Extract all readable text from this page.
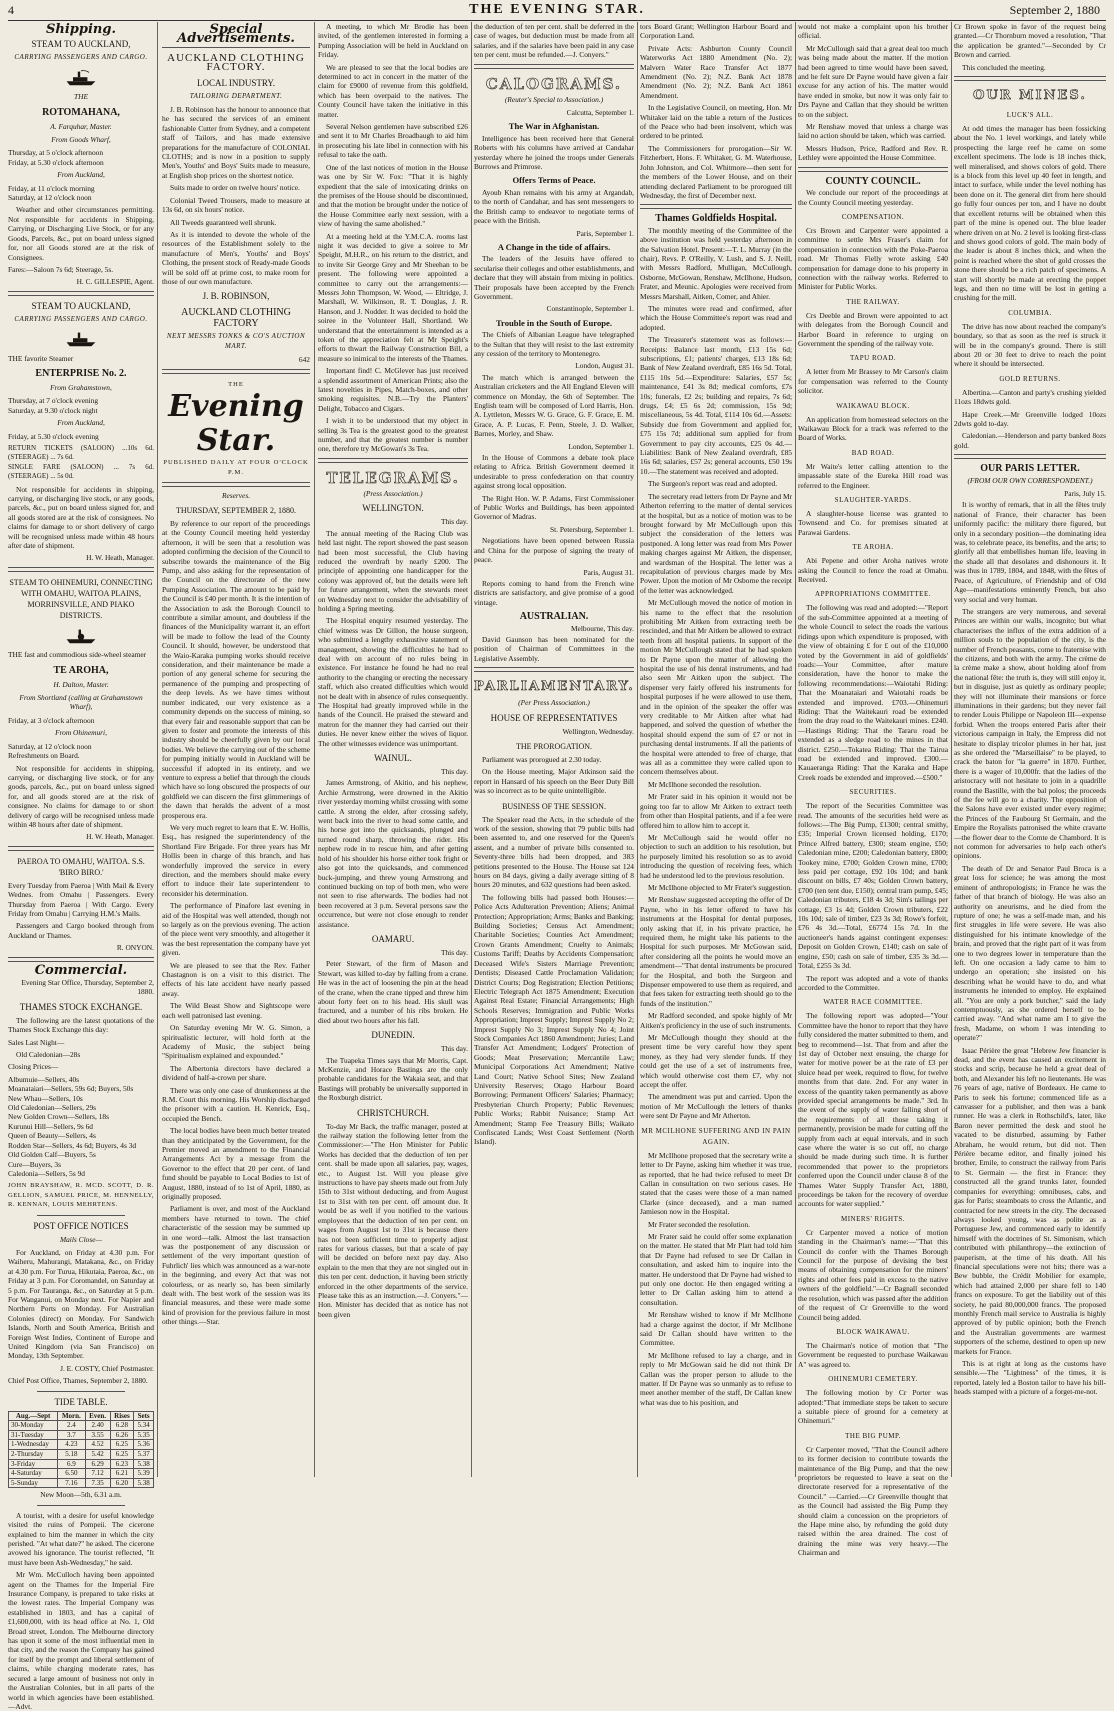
4	THE EVENING STAR.	September 2, 1880
Shipping.
STEAM TO AUCKLAND,
CARRYING PASSENGERS AND CARGO.
THE
ROTOMAHANA,
A. Farquhar, Master.
From Goods Wharf,

Thursday, at 5 o'clock afternoon
Friday, at 5.30 o'clock afternoon

From Auckland,

Friday, at 11 o'clock morning
Saturday, at 12 o'clock noon

Weather and other circumstances permitting. Not responsible for accidents in Shipping, Carrying, or Discharging Live Stock, or for any Goods, Parcels, &c., put on board unless signed for, nor all Goods stored are at the risk of Consignees.

Fares:—Saloon 7s 6d; Steerage, 5s.

H. C. GILLESPIE, Agent.

STEAM TO AUCKLAND,
CARRYING PASSENGERS AND CARGO.

THE favorite Steamer

ENTERPRISE No. 2.
From Grahamstown,

Thursday, at 7 o'clock evening
Saturday, at 9.30 o'clock night

From Auckland,

Friday, at 5.30 o'clock evening

RETURN TICKETS (SALOON) ...10s 6d. (STEERAGE) ... 7s 6d.
SINGLE FARE (SALOON) ... 7s 6d. (STEERAGE) ... 5s 0d.

Not responsible for accidents in shipping, carrying, or discharging live stock, or any goods, parcels, &c., put on board unless signed for, and all goods stored are at the risk of consignees. No claims for damage to or short delivery of cargo will be recognised unless made within 48 hours after date of shipment.

H. W. Heath, Manager.

STEAM TO OHINEMURI, CONNECTING WITH OMAHU, WAITOA PLAINS, MORRINSVILLE, AND PIAKO DISTRICTS.

THE fast and commodious side-wheel steamer

TE AROHA,
H. Dalton, Master.
From Shortland (calling at Grahamstown Wharf),

Friday, at 3 o'clock afternoon

From Ohinemuri,

Saturday, at 12 o'clock noon
Refreshments on Board.

Not responsible for accidents in shipping, carrying, or discharging live stock, or for any goods, parcels, &c., put on board unless signed for, and all goods stored are at the risk of consignee. No claims for damage to or short delivery of cargo will be recognised unless made within 48 hours after date of shipment.

H. W. Heath, Manager.

PAEROA TO OMAHU, WAITOA. S.S. 'BIRO BIRO.'

Every Tuesday from Paeroa | With Mail & Every Wednes. from Omahu | Passengers. Every Thursday from Paeroa | With Cargo. Every Friday from Omahu | Carrying H.M.'s Mails.

Passengers and Cargo booked through from Auckland or Thames.

R. ONYON.

Commercial.

Evening Star Office, Thursday, September 2, 1880.

THAMES STOCK EXCHANGE.

The following are the latest quotations of the Thames Stock Exchange this day:

Sales Last Night—

Old Caledonian—28s

Closing Prices—

Albumuie—Sellers, 40s
Moanataiari—Sellers, 59s 6d; Buyers, 50s
New Whau—Sellers, 10s
Old Caledonian—Sellers, 29s
New Golden Crown—Sellers, 18s
Kurunui Hill—Sellers, 9s 6d
Queen of Beauty—Sellers, 4s
Rodden Star—Sellers, 4s 6d; Buyers, 4s 3d
Old Golden Calf—Buyers, 5s
Cure—Buyers, 3s
Caledonia—Sellers, 5s 9d

JOHN BRAYSHAW, R. MCD. SCOTT, D. R. GELLION, SAMUEL PRICE, M. HENNELLY, R. KENNAN, LOUIS MEHRTENS.

POST OFFICE NOTICES
Mails Close—

For Auckland, on Friday at 4.30 p.m. For Waiheru, Mahurangi, Matakana, &c., on Friday at 4.30 p.m. For Turua, Hikutaia, Paeroa, &c., on Friday at 3 p.m. For Coromandel, on Saturday at 5 p.m. For Tauranga, &c., on Saturday at 5 p.m. For Wanganui, on Monday next. For Napier and Northern Ports on Monday. For Australian Colonies (direct) on Monday. For Sandwich Islands, North and South America, British and Foreign West Indies, Continent of Europe and United Kingdom (via San Francisco) on Monday, 13th September.

J. E. COSTY, Chief Postmaster.

Chief Post Office, Thames, September 2, 1880.

TIDE TABLE.
Aug.—Sept	Morn.	Even.	Rises	Sets
30-Monday	2.4	2.40	6.28	5.34
31-Tuesday	3.7	3.55	6.26	5.35
1-Wednesday	4.23	4.52	6.25	5.36
2-Thursday	5.18	5.42	6.25	5.37
3-Friday	6.9	6.29	6.23	5.38
4-Saturday	6.50	7.12	6.21	5.39
5-Sunday	7.16	7.35	6.20	5.38

New Moon—5th, 6.31 a.m.

A tourist, with a desire for useful knowledge visited the ruins of Pompeii. The cicerone explained to him the manner in which the city perished. "At what date?" he asked. The cicerone avowed his ignorance. The tourist reflected, "It must have been Ash-Wednesday," he said.

Mr Wm. McCulloch having been appointed agent on the Thames for the Imperial Fire Insurance Company, is prepared to take risks at the lowest rates. The Imperial Company was established in 1803, and has a capital of £1,600,000, with its head office at No. 1, Old Broad street, London. The Melbourne directory has upon it some of the most influential men in that city, and the reason the Company has gained for itself by the prompt and liberal settlement of claims, while charging moderate rates, has secured a large amount of business not only in the Australian Colonies, but in all parts of the world in which agencies have been established.—Advt.

Special Advertisements.
AUCKLAND CLOTHING FACTORY.
LOCAL INDUSTRY.
TAILORING DEPARTMENT.

J. B. Robinson has the honour to announce that he has secured the services of an eminent fashionable Cutter from Sydney, and a competent staff of Tailors, and has made extensive preparations for the manufacture of COLONIAL CLOTHS; and is now in a position to supply Men's, Youths' and Boys' Suits made to measure, at English shop prices on the shortest notice.

Suits made to order on twelve hours' notice.

Colonial Tweed Trousers, made to measure at 13s 6d, on six hours' notice.

All Tweeds guaranteed well shrunk.

As it is intended to devote the whole of the resources of the Establishment solely to the manufacture of Men's, Youths' and Boys' Clothing, the present stock of Ready-made Goods will be sold off at prime cost, to make room for those of our own manufacture.

J. B. ROBINSON,
AUCKLAND CLOTHING FACTORY
NEXT MESSRS TONKS & CO'S AUCTION MART.

642

THE
Evening Star.
PUBLISHED DAILY AT FOUR O'CLOCK P.M.
Reserves.
THURSDAY, SEPTEMBER 2, 1880.

By reference to our report of the proceedings at the County Council meeting held yesterday afternoon, it will be seen that a resolution was adopted confirming the decision of the Council to subscribe towards the maintenance of the Big Pump, and also asking for the representation of the Council on the directorate of the new Pumping Association. The amount to be paid by the Council is £40 per month. It is the intention of the Association to ask the Borough Council to contribute a similar amount, and doubtless if the finances of the Municipality warrant it, an effort will be made to follow the lead of the County Council. It should, however, be understood that the Waio-Karaka pumping works should receive consideration, and their maintenance be made a portion of any general scheme for securing the permanence of the pumping and prospecting of the deep levels. As we have times without number indicated, our very existence as a community depends on the success of mining, so that every fair and reasonable support that can be given to foster and promote the interests of this industry should be cheerfully given by our local bodies. We believe the carrying out of the scheme for pumping initially would in Auckland will be successful if adopted in its entirety, and we venture to express a belief that through the clouds which have so long obscured the prospects of our goldfield we can discern the first glimmerings of the dawn that heralds the advent of a most prosperous era.

We very much regret to learn that E. W. Hollis, Esq., has resigned the superintendency of the Shortland Fire Brigade. For three years has Mr Hollis been in charge of this branch, and has wonderfully improved the service in every direction, and the members should make every effort to induce their late superintendent to reconsider his determination.

The performance of Pinafore last evening in aid of the Hospital was well attended, though not so largely as on the previous evening. The action of the piece went very smoothly, and altogether it was the best representation the company have yet given.

We are pleased to see that the Rev. Father Chastagnon is on a visit to this district. The effects of his late accident have nearly passed away.

The Wild Beast Show and Sightscope were each well patronised last evening.

On Saturday evening Mr W. G. Simon, a spiritualistic lecturer, will hold forth at the Academy of Music, the subject being "Spiritualism explained and expounded."

The Albertonia directors have declared a dividend of half-a-crown per share.

There was only one case of drunkenness at the R.M. Court this morning. His Worship discharged the prisoner with a caution. H. Kenrick, Esq., occupied the Bench.

The local bodies have been much better treated than they anticipated by the Government, for the Premier moved an amendment to the Financial Arrangements Act by a message from the Governor to the effect that 20 per cent. of land fund should be payable to Local Bodies to 1st of August, 1880, instead of to 1st of April, 1880, as originally proposed.

Parliament is over, and most of the Auckland members have returned to town. The chief characteristic of the session may be summed up in one word—talk. Almost the last transaction was the postponement of any discussion or settlement of the very important question of Fuhrlich' lies which was announced as a war-note in the beginning, and every Act that was not colourless, or as nearly so, has been similarly dealt with. The best work of the session was its financial measures, and these were made some kind of provision for the previous failure in most other things.—Star.

A meeting, to which Mr Brodie has been invited, of the gentlemen interested in forming a Pumping Association will be held in Auckland on Friday.

We are pleased to see that the local bodies are determined to act in concert in the matter of the claim for £9000 of revenue from this goldfield, which has been overpaid to the natives. The County Council have taken the initiative in this matter.

Several Nelson gentlemen have subscribed £26 and sent it to Mr Charles Broadbaugh to aid him in prosecuting his late libel in connection with his refusal to take the oath.

One of the last notices of motion in the House was one by Sir W. Fox: "That it is highly expedient that the sale of intoxicating drinks on the premises of the House should be discontinued, and that the motion be brought under the notice of the House Committee early next session, with a view of having the same abolished."

At a meeting held at the Y.M.C.A. rooms last night it was decided to give a soiree to Mr Speight, M.H.R., on his return to the district, and to invite Sir George Grey and Mr Sheehan to be present. The following were appointed a committee to carry out the arrangements:—Messrs John Thompson, W. Wood, — Eltridge, J. Marshall, W. Wilkinson, R. T. Douglas, J. R. Hanson, and J. Nodder. It was decided to hold the soiree in the Volunteer Hall, Shortland. We understand that the entertainment is intended as a token of the appreciation felt at Mr Speight's efforts to thwart the Railway Construction Bill, a measure so inimical to the interests of the Thames.

Important find! C. McGlever has just received a splendid assortment of American Prints; also the latest novelties in Pipes, Match-boxes, and other smoking requisites. N.B.—Try the Planters' Delight, Tobacco and Cigars.

I wish it to be understood that my object in selling 3s Tea is the greatest good to the greatest number, and that the greatest number is number one, therefore try McGowan's 3s Tea.

TELEGRAMS.
(Press Association.)
WELLINGTON.
This day.

The annual meeting of the Racing Club was held last night. The report showed the past season had been most successful, the Club having reduced the overdraft by nearly £200. The principle of appointing one handicapper for the colony was approved of, but the details were left for future arrangement, when the stewards meet on Wednesday next to consider the advisability of holding a Spring meeting.

The Hospital enquiry resumed yesterday. The chief witness was Dr Gillon, the house surgeon, who submitted a lengthy exhaustive statement of management, showing the difficulties he had to deal with on account of no rules being in existence. For instance he found he had no real authority to the changing or erecting the necessary staff, which also created difficulties which would not be dealt with in absence of rules consequently. The Hospital had greatly improved while in the hands of the Council. He praised the steward and matron for the manner they had carried out their duties. He never knew either the wives of liquor. The other witnesses evidence was unimportant.

WAINUL.
This day.

James Armstrong, of Akitio, and his nephew, Archie Armstrong, were drowned in the Akitio river yesterday morning whilst crossing with some cattle. A strong the elder, after crossing safely, went back into the river to head some cattle, and his horse got into the quicksands, plunged and turned round sharp, throwing the rider. His nephew rode in to rescue him, and after getting hold of his shoulder his horse either took fright or also got into the quicksands, and commenced buck-jumping, and threw young Armstrong and continued bucking on top of both men, who were not seen to rise afterwards. The bodies had not been recovered at 3 p.m. Several persons saw the occurrence, but were not close enough to render assistance.

OAMARU.
This day.

Peter Stewart, of the firm of Mason and Stewart, was killed to-day by falling from a crane. He was in the act of loosening the pin at the head of the crane, when the crane tipped and threw him about forty feet on to his head. His skull was fractured, and a number of his ribs broken. He died about two hours after his fall.

DUNEDIN.
This day.

The Tuapeka Times says that Mr Morris, Capt. McKenzie, and Horace Bastings are the only probable candidates for the Wakaia seat, and that Bastings will probably be universally supported in the Roxburgh district.

CHRISTCHURCH.

To-day Mr Back, the traffic manager, posted at the railway station the following letter from the Commissioner:—"The Hon Minister for Public Works has decided that the deduction of ten per cent. shall be made upon all salaries, pay, wages, etc., to August 1st. Will you please give instructions to have pay sheets made out from July 15th to 31st without deducting, and from August 1st to 31st with ten per cent. off amount due. It would be as well if you notified to the various employees that the deduction of ten per cent. on wages from August 1st to 31st is because there has not been sufficient time to properly adjust rates for various classes, but that a scale of pay will be decided on before next pay day. Also explain to the men that they are not singled out in this ten per cent. deduction, it having been strictly enforced in the other departments of the service. Please take this as an instruction.—J. Conyers."—Hon. Minister has decided that as notice has not been given

the deduction of ten per cent. shall be deferred in the case of wages, but deduction must be made from all salaries, and if the salaries have been paid in any case ten per cent. must be refunded.—J. Conyers."

CALOGRAMS.
(Reuter's Special to Association.)
Calcutta, September 1.
The War in Afghanistan.

Intelligence has been received here that General Roberts with his columns have arrived at Candahar yesterday where he joined the troops under Generals Burrows and Primrose.

Offers Terms of Peace.

Ayoub Khan remains with his army at Argandab, to the north of Candahar, and has sent messengers to the British camp to endeavor to negotiate terms of peace with the British.

Paris, September 1.
A Change in the tide of affairs.

The leaders of the Jesuits have offered to secularise their colleges and other establishments, and declare that they will abstain from mixing in politics. Their proposals have been accepted by the French Government.

Constantinople, September 1.
Trouble in the South of Europe.

The Chiefs of Albanian League have telegraphed to the Sultan that they will resist to the last extremity any cession of the territory to Montenegro.

London, August 31.

The match which is arranged between the Australian cricketers and the All England Eleven will commence on Monday, the 6th of September. The English team will be composed of Lord Harris, Hon. A. Lyttleton, Messrs W. G. Grace, G. F. Grace, E. M. Grace, A. P. Lucas, F. Penn, Steele, J. D. Walker, Barnes, Morley, and Shaw.

London, September 1.

In the House of Commons a debate took place relating to Africa. British Government deemed it undesirable to press confederation on that country against strong local opposition.

The Right Hon. W. P. Adams, First Commissioner of Public Works and Buildings, has been appointed Governor of Madras.

St. Petersburg, September 1.

Negotiations have been opened between Russia and China for the purpose of signing the treaty of peace.

Paris, August 31.

Reports coming to hand from the French wine districts are satisfactory, and give promise of a good vintage.

AUSTRALIAN.
Melbourne, This day.

David Gaunson has been nominated for the position of Chairman of Committees in the Legislative Assembly.

PARLIAMENTARY.
(Per Press Association.)
HOUSE OF REPRESENTATIVES
Wellington, Wednesday.
THE PROROGATION.

Parliament was prorogued at 2.30 today.

On the House meeting, Major Atkinson said the report in Hansard of his speech on the Beer Duty Bill was so incorrect as to be quite unintelligible.

BUSINESS OF THE SESSION.

The Speaker read the Acts, in the schedule of the work of the session, showing that 79 public bills had been assented to, and one reserved for the Queen's assent, and a number of private bills consented to. Seventy-three bills had been dropped, and 383 petitions presented to the House. The House sat 124 hours on 84 days, giving a daily average sitting of 8 hours 20 minutes, and 632 questions had been asked.

The following bills had passed both Houses:—Police Acts Adulteration Prevention; Aliens; Animal Protection; Appropriation; Arms; Banks and Banking; Building Societies; Census Act Amendment; Charitable Societies; Counties Act Amendment; Crown Grants Amendment; Cruelty to Animals; Customs Tariff; Deaths by Accidents Compensation; Deceased Wife's Sisters Marriage Prevention; Dentists; Diseased Cattle Proclamation Validation; District Courts; Dog Registration; Election Petitions; Electric Telegraph Act 1875 Amendment; Execution Against Real Estate; Financial Arrangements; High Schools Reserves; Immigration and Public Works Appropriation; Imprest Supply; Imprest Supply No 2; Imprest Supply No 3; Imprest Supply No 4; Joint Stock Companies Act 1860 Amendment; Juries; Land Transfer Act Amendment; Lodgers' Protection of Goods; Meat Preservation; Mercantile Law; Municipal Corporations Act Amendment; Native Land Court; Native School Sites; New Zealand University Reserves; Otago Harbour Board Borrowing; Permanent Officers' Salaries; Pharmacy; Presbyterian Church Property; Public Revenues; Public Works; Rabbit Nuisance; Stamp Act Amendment; Stamp Fee Treasury Bills; Waikato Confiscated Lands; West Coast Settlement (North Island).

tors Board Grant; Wellington Harbour Board and Corporation Land.

Private Acts: Ashburton County Council Waterworks Act 1880 Amendment (No. 2); Malvern Water Race Transfer Act 1877 Amendment (No. 2); N.Z. Bank Act 1878 Amendment (No. 2); N.Z. Bank Act 1861 Amendment.

In the Legislative Council, on meeting, Hon. Mr Whitaker laid on the table a return of the Justices of the Peace who had been insolvent, which was ordered to be printed.

The Commissioners for prorogation—Sir W. Fitzherbert, Hons. F. Whitaker, G. M. Waterhouse, John Johnston, and Col. Whitmore—then sent for the members of the Lower House, and on their attending declared Parliament to be prorogued till Wednesday, the first of December next.

Thames Goldfields Hospital.

The monthly meeting of the Committee of the above institution was held yesterday afternoon in the Salvation Hotel. Present:—T. L. Murray (in the chair), Revs. P. O'Reilly, V. Lush, and S. J. Neill, with Messrs Radford, Mulligan, McCullough, Osborne, McGowan, Renshaw, McIlhone, Hudson, Frater, and Meunic. Apologies were received from Messrs Marshall, Aitken, Comer, and Ahier.

The minutes were read and confirmed, after which the House Committee's report was read and adopted.

The Treasurer's statement was as follows:—Receipts: Balance last month, £13 15s 6d; subscriptions, £1; patients' charges, £13 18s 6d; Bank of New Zealand overdraft, £85 16s 5d. Total, £115 10s 5d.—Expenditure: Salaries, £57 5s; maintenance, £41 3s 8d; medical comforts, £7s 10s; funerals, £2 2s; building and repairs, 7s 6d; drugs, £4; £5 6s 2d; commission, 15s 9d; miscellaneous, 5s 4d. Total, £114 10s 6d.—Assets: Subsidy due from Government and applied for, £75 15s 7d; additional sum applied for from Government to pay city accounts, £25 0s 4d.—Liabilities: Bank of New Zealand overdraft, £85 16s 6d; salaries, £57 2s; general accounts, £50 19s 10.—The statement was received and adopted.

The Surgeon's report was read and adopted.

The secretary read letters from Dr Payne and Mr Atherton referring to the matter of dental services at the hospital, but as a notice of motion was to be brought forward by Mr McCullough upon this subject the consideration of the letters was postponed. A long letter was read from Mrs Power making charges against Mr Aitken, the dispenser, and wardsman of the Hospital. The letter was a recapitulation of previous charges made by Mrs Power. Upon the motion of Mr Osborne the receipt of the letter was acknowledged.

Mr McCullough moved the notice of motion in his name to the effect that the resolution prohibiting Mr Aitken from extracting teeth be rescinded, and that Mr Aitken be allowed to extract teeth from all hospital patients. In support of the motion Mr McCullough stated that he had spoken to Dr Payne upon the matter of allowing the hospital the use of his dental instruments, and had also seen Mr Aitken upon the subject. The dispenser very fairly offered his instruments for hospital purposes if he were allowed to use them, and in the opinion of the speaker the offer was very creditable to Mr Aitken after what had happened, and solved the question of whether the hospital should expend the sum of £7 or not in purchasing dental instruments. If all the patients of the hospital were attended to free of charge, that was all as a committee they were called upon to concern themselves about.

Mr McIlhone seconded the resolution.

Mr Frater said in his opinion it would not be going too far to allow Mr Aitken to extract teeth from other than Hospital patients, and if a fee were offered him to allow him to accept it.

Mr McCullough said he would offer no objection to such an addition to his resolution, but he purposely limited his resolution so as to avoid introducing the question of receiving fees, which had he understood led to the previous resolution.

Mr McIlhone objected to Mr Frater's suggestion.

Mr Renshaw suggested accepting the offer of Dr Payne, who in his letter offered to have his instruments at the Hospital for dental purposes, only asking that if, in his private practice, he required them, he might take his patients to the Hospital for such purposes. Mr McGowan said, after considering all the points he would move an amendment—"That dental instruments be procured for the Hospital, and both the Surgeon and Dispenser empowered to use them as required, and that fees taken for extracting teeth should go to the funds of the institution."

Mr Radford seconded, and spoke highly of Mr Aitken's proficiency in the use of such instruments.

Mr McCullough thought they should at the present time be very careful how they spent money, as they had very slender funds. If they could get the use of a set of instruments free, which would otherwise cost them £7, why not accept the offer.

The amendment was put and carried. Upon the motion of Mr McCullough the letters of thanks were sent Dr Payne and Mr Atherton.

MR MCILHONE SUFFERING AND IN PAIN AGAIN.

Mr McIlhone proposed that the secretary write a letter to Dr Payne, asking him whether it was true, as reported, that he had twice refused to meet Dr Callan in consultation on two serious cases. He stated that the cases were those of a man named Clarke (since deceased), and a man named Jamieson now in the Hospital.

Mr Frater seconded the resolution.

Mr Frater said he could offer some explanation on the matter. He stated that Mr Platt had told him that Dr Payne had refused to see Dr Callan in consultation, and asked him to inquire into the matter. He understood that Dr Payne had wished to put only one doctor. He then engaged writing a letter to Dr Callan asking him to attend a consultation.

Mr Renshaw wished to know if Mr McIlhone had a charge against the doctor, if Mr McIlhone said Dr Callan should have written to the Committee.

Mr McIlhone refused to lay a charge, and in reply to Mr McGowan said he did not think Dr Callan was the proper person to allude to the matter. If Dr Payne was so unmanly as to refuse to meet another member of the staff, Dr Callan knew what was due to his position, and

would not make a complaint upon his brother official.

Mr McCullough said that a great deal too much was being made about the matter. If the motion had been agreed to time would have been saved, and he felt sure Dr Payne would have given a fair excuse for any action of his. The matter would have ended in smoke, but now it was only fair to Drs Payne and Callan that they should be written to on the subject.

Mr Renshaw moved that unless a charge was laid no action should be taken, which was carried.

Messrs Hudson, Price, Radford and Rev. R. Lethley were appointed the House Committee.

COUNTY COUNCIL.

We conclude our report of the proceedings at the County Council meeting yesterday.

COMPENSATION.

Crs Brown and Carpenter were appointed a committee to settle Mrs Fraser's claim for compensation in connection with the Poke-Paeroa road. Mr Thomas Fielly wrote asking £40 compensation for damage done to his property in connection with the railway works. Referred to Minister for Public Works.

THE RAILWAY.

Crs Deeble and Brown were appointed to act with delegates from the Borough Council and Harbor Board in reference to urging on Government the spending of the railway vote.

TAPU ROAD.

A letter from Mr Brassey to Mr Carson's claim for compensation was referred to the County solicitor.

WAIKAWAU BLOCK.

An application from homestead selectors on the Waikawau Block for a track was referred to the Board of Works.

BAD ROAD.

Mr Waite's letter calling attention to the impassable state of the Eureka Hill road was referred to the Engineer.

SLAUGHTER-YARDS.

A slaughter-house license was granted to Townsend and Co. for premises situated at Parawai Gardens.

TE AROHA.

Abi Pepene and other Aroha natives wrote asking the Council to fence the road at Omahu. Received.

APPROPRIATIONS COMMITTEE.

The following was read and adopted:—"Report of the sub-Committee appointed at a meeting of the whole Council to select the roads the various ridings upon which expenditure is proposed, with the view of obtaining £ for £ out of the £10,000 voted by the Government in aid of goldfields' roads:—Your Committee, after mature consideration, have the honor to make the following recommendations:—Waiotahi Riding: That the Moanataiari and Waiotahi roads be extended and improved. £703.—Ohinemuri Riding: That the Waitekauri road be extended from the dray road to the Waitekauri mines. £240.—Hastings Riding: That the Tararu road be extended as a sledge road to the mines in that district. £250.—Tokatea Riding: That the Tairua road be extended and improved. £300.—Kauaeranga Riding: That the Karaka and Hape Creek roads be extended and improved.—£500."

SECURITIES.

The report of the Securities Committee was read. The amounts of the securities held were as follows:—The Big Pump, £1300; central smithy, £35; Imperial Crown licensed holding, £170; Prince Alfred battery, £300; steam engine, £50; Caledonian mine, £200; Caledonian battery, £800; Tookey mine, £700; Golden Crown mine, £700; less paid per cottage, £92 10s 10d; and bank discount on bills, £7 40s; Golden Crown battery, £700 (ten tent due, £150); central tram pump, £45; Caledonian tributers, £18 4s 3d; Sim's tailings per cottage, £3 1s 4d; Golden Crown tributers, £22 10s 10d; sale of timber, £23 3s 3d; Rowe's forfeit, £76 4s 3d.—Total, £6774 15s 7d. In the auctioneer's hands against contingent expenses: Deposit on Golden Crown, £140; cash on sale of engine, £50; cash on sale of timber, £35 3s 3d.—Total, £255 3s 3d.

The report was adopted and a vote of thanks accorded to the Committee.

WATER RACE COMMITTEE.

The following report was adopted—"Your Committee have the honor to report that they have fully considered the matter submitted to them, and beg to recommend—1st. That from and after the 1st day of October next ensuing, the charge for water for motive power be at the rate of £3 per sluice head per week, required to flow, for twelve months from that date. 2nd. For any water in excess of the quantity taken permanently as above provided special arrangements be made." 3rd. In the event of the supply of water falling short of the requirements of all those taking it permanently, provision be made for cutting off the supply from each at equal intervals, and in such case where the water is so cut off, no charge should be made during such time. It is further recommended that power to the proprietors conferred upon the Council under clause 8 of the Thames Water Supply Transfer Act, 1880, proceedings be taken for the recovery of overdue accounts for water supplied."

MINERS' RIGHTS.

Cr Carpenter moved a notice of motion standing in the Chairman's name:—"That this Council do confer with the Thames Borough Council for the purpose of devising the best means of obtaining compensation for the miners' rights and other fees paid in excess to the native owners of the goldfield."—Cr Bagnall seconded the resolution, which was passed after the addition of the request of Cr Greenville to the word Council being added.

BLOCK WAIKAWAU.

The Chairman's notice of motion that "The Government be requested to purchase Waikawau A" was agreed to.

OHINEMURI CEMETERY.

The following motion by Cr Porter was adopted:"That immediate steps be taken to secure a suitable piece of ground for a cemetery at Ohinemuri."

THE BIG PUMP.

Cr Carpenter moved, "That the Council adhere to its former decision to contribute towards the maintenance of the Big Pump, and that the new proprietors be requested to leave a seat on the directorate reserved for a representative of the Council." —Carried.—Cr Greenville thought that as the Council had assisted the Big Pump they should claim a concession on the proprietors of the Hape mine also, by refunding the gold duty raised within the area drained. The cost of draining the mine was very heavy.—The Chairman and

Cr Brown spoke in favor of the request being granted.—Cr Thornburn moved a resolution, "That the application be granted."—Seconded by Cr Brown and carried.

This concluded the meeting.

OUR MINES.
LUCK'S ALL.

At odd times the manager has been fossicking about the No. 1 level workings, and lately while prospecting the large reef he came on some excellent specimens. The lode is 18 inches thick, well mineralised, and shows colors of gold. There is a block from this level up 40 feet in length, and intact to surface, while under the level nothing has been done on it. The general dirt from here should go fully four ounces per ton, and I have no doubt that excellent returns will be obtained when this part of the mine is opened out. The blue leader where driven on at No. 2 level is looking first-class and shows good colors of gold. The main body of the leader is about 8 inches thick, and when the point is reached where the shot of gold crosses the stone there should be a rich patch of specimens. A start will shortly be made at erecting the poppet legs, and then no time will be lost in getting a crushing for the mill.

COLUMBIA.

The drive has now about reached the company's boundary, so that as soon as the reef is struck it will be in the company's ground. There is still about 20 or 30 feet to drive to reach the point where it should be intersected.

GOLD RETURNS.

Albertina.—Canton and party's crushing yielded 11ozs 18dwts gold.

Hape Creek.—Mr Greenville lodged 10ozs 2dwts gold to-day.

Caledonian.—Henderson and party banked 8ozs gold.

OUR PARIS LETTER.
(FROM OUR OWN CORRESPONDENT.)
Paris, July 15.

It is worthy of remark, that in all the fêtes truly national of France, their character has been uniformly pacific: the military there figured, but only in a secondary position—the dominating idea was, to celebrate peace, its benefits, and the arts; to glorify all that embellishes human life, leaving in the shade all that desolates and dishonours it. It was thus in 1789, 1804, and 1848, with the fêtes of Peace, of Agriculture, of Friendship and of Old Age—manifestations eminently French, but also very social and very human.

The strangers are very numerous, and several Princes are within our walls, incognito; but what characterises the influx of the extra addition of a million souls to the population of the city, is the number of French peasants, come to fraternise with the citizens, and both with the army. The crème de la crème make a show, about holding aloof from the national fête: the truth is, they will still enjoy it, but in disguise, just as quietly as ordinary people; they will not illuminate their mansions or force illuminations in their gardens; but they never fail to render Louis Philippe or Napoleon III—expense forbid. When the troops entered Paris after their victorious campaign in Italy, the Empress did not hesitate to display tricolor plumes in her hat, just as she ordered the "Marseillaise" to be played, to crack the baton for "la guerre" in 1870. Further, there is a wager of 10,000fr. that the ladies of the aristocracy will not hesitate to join in a quadrille round the Bastille, with the bal polos; the proceeds of the fee will go to a charity. The opposition of the Salons have ever existed under every regime; the Princes of the Faubourg St Germain, and the Empire the Royalists patronised the white cravatte—the flower dear to the Comte de Chambord. It is not common for adversaries to help each other's opinions.

The death of Dr and Senator Paul Broca is a great loss for science; he was among the most eminent of anthropologists; in France he was the father of that branch of biology. He was also an authority on aneurisms, and he died from the rupture of one; he was a self-made man, and his first struggles in life were severe. He was also distinguished for his intimate knowledge of the brain, and proved that the right part of it was from one to two degrees lower in temperature than the left. On one occasion a lady came to him to undergo an operation; she insisted on his describing what he would have to do, and what instruments he intended to employ. He explained all. "You are only a pork butcher," said the lady contemptuously, as she ordered herself to be carried away. "And what name am I to give the fresh, Madame, on whom I was intending to operate?"

Isaac Périère the great "Hebrew Jew financier is dead, and the event has caused an excitement in stocks and scrip, because he held a great deal of both, and Alexander his left no lieutenants. He was 76 years of age, native of Bordeaux. He came to Paris to seek his fortune; commenced life as a canvasser for a publisher, and then was a bank runner. He was a clerk in Rothschild's, later, like Baron never permitted the desk and stool he vacated to be disturbed, assuming by Father Abraham, he would return, but did not. Then Périère became editor, and finally joined his brother, Emile, to construct the railway from Paris to St. Germain — the first in France: they constructed all the grand trunks later, founded companies for everything: omnibuses, cabs, and gas for Paris; steamboats to cross the Atlantic, and contracted for new streets in the city. The deceased always looked young, was as polite as a Portuguese Jew, and commenced early to identify himself with the doctrines of St. Simonism, which contributed with philanthropy—the extinction of pauperism, at the time of his death. All his financial speculations were not hits; there was a Bew bubble, the Crédit Mobilier for example, which had attained 2,000 per share fell to 140 francs on exposure. To get the liability out of this society, he paid 80,000,000 francs. The proposed monthly French mail service to Australia is highly approved of by public opinion; both the French and the Australian governments are warmest supporters of the scheme, destined to open up new markets for France.

This is at right at long as the customs have sensible.—The "Lightness" of the times, it is reported, lately led a Boston tailor to have his bill-heads stamped with a picture of a forget-me-not.
